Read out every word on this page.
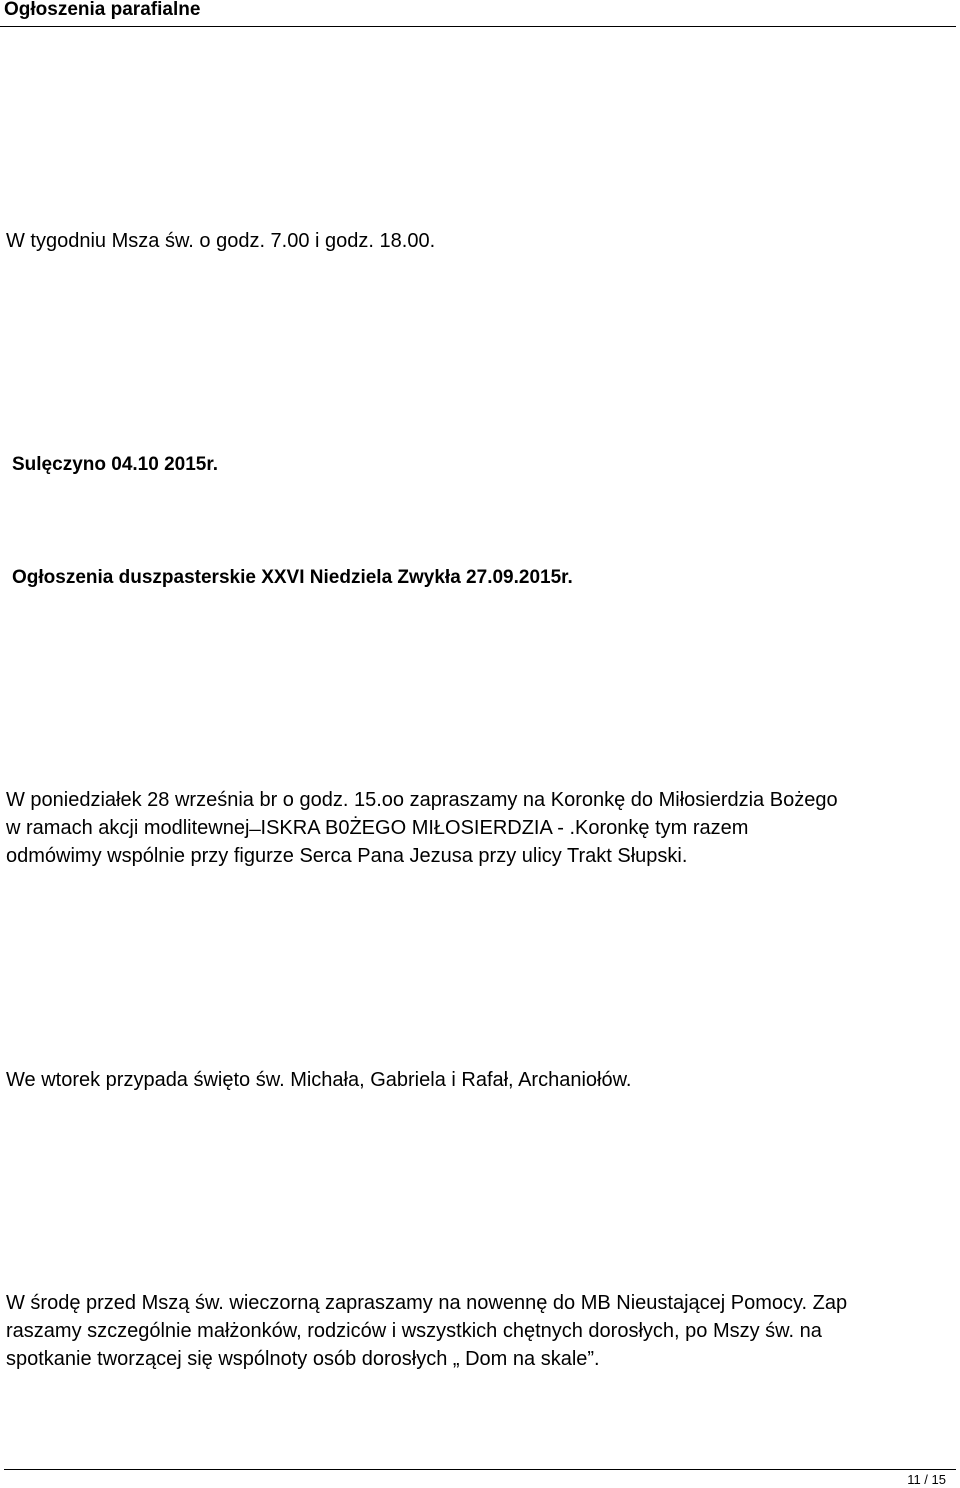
Ogłoszenia parafialne
W tygodniu Msza św. o godz. 7.00 i godz. 18.00.
Sulęczyno 04.10 2015r.
Ogłoszenia duszpasterskie XXVI Niedziela Zwykła 27.09.2015r.
W poniedziałek 28 września br o godz. 15.oo zapraszamy na Koronkę do Miłosierdzia Bożego
w ramach akcji modlitewnej ̶ ISKRA B0ŻEGO MIŁOSIERDZIA - .Koronkę tym razem
odmówimy wspólnie przy figurze Serca Pana Jezusa przy ulicy Trakt Słupski.
We wtorek przypada święto św. Michała, Gabriela i Rafał, Archaniołów.
W środę przed Mszą św. wieczorną zapraszamy na nowennę do MB Nieustającej Pomocy. Zap
raszamy szczególnie małżonków, rodziców i wszystkich chętnych dorosłych, po Mszy św. na
spotkanie tworzącej się wspólnoty osób dorosłych „ Dom na skale”.
11 / 15
